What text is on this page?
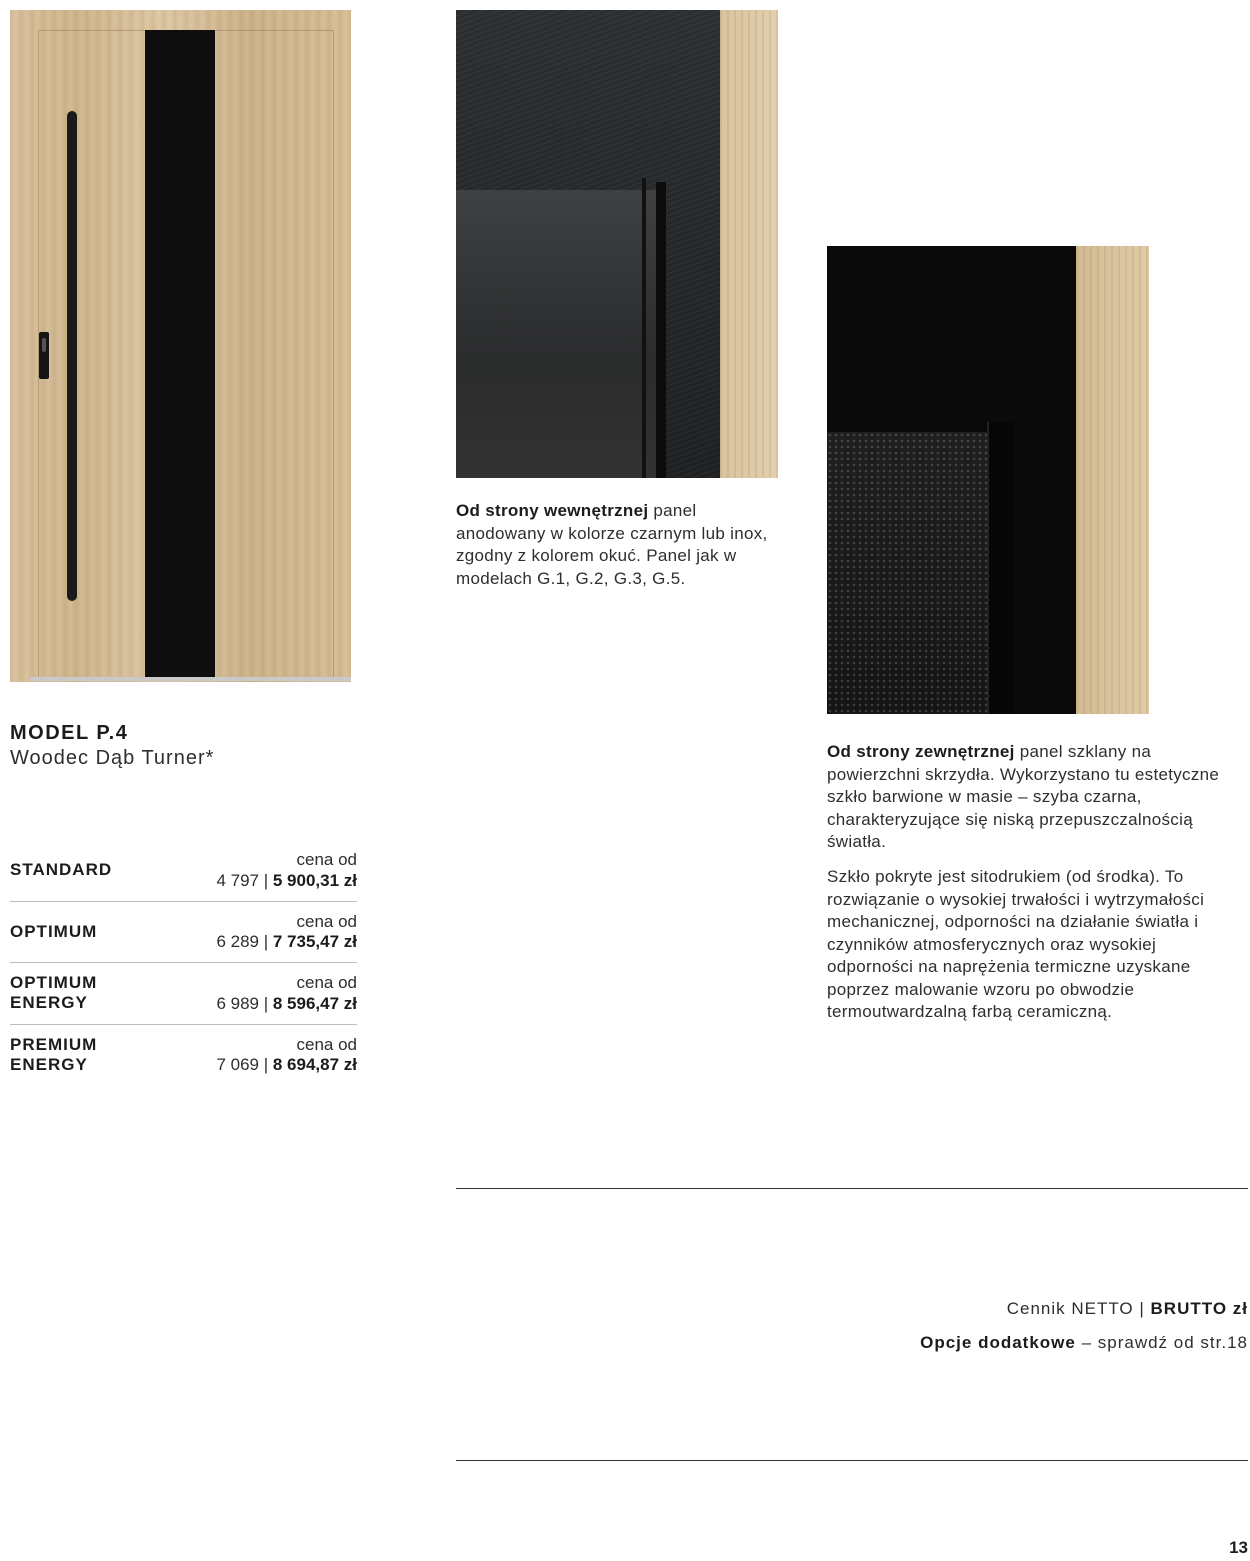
Od strony wewnętrznej panel anodowany w kolorze czarnym lub inox, zgodny z kolorem okuć. Panel jak w modelach G.1, G.2, G.3, G.5.

Od strony zewnętrznej panel szklany na powierzchni skrzydła. Wykorzystano tu estetyczne szkło barwione w masie – szyba czarna, charakteryzujące się niską przepuszczalnością światła.

Szkło pokryte jest sitodrukiem (od środka). To rozwiązanie o wysokiej trwałości i wytrzymałości mechanicznej, odporności na działanie światła i czynników atmosferycznych oraz wysokiej odporności na naprężenia termiczne uzyskane poprzez malowanie wzoru po obwodzie termoutwardzalną farbą ceramiczną.

MODEL P.4
Woodec Dąb Turner*
STANDARD
cena od
4 797 | 5 900,31 zł
OPTIMUM
cena od
6 289 | 7 735,47 zł
OPTIMUM
ENERGY
cena od
6 989 | 8 596,47 zł
PREMIUM
ENERGY
cena od
7 069 | 8 694,87 zł
Cennik NETTO | BRUTTO zł
Opcje dodatkowe – sprawdź od str.18
13
